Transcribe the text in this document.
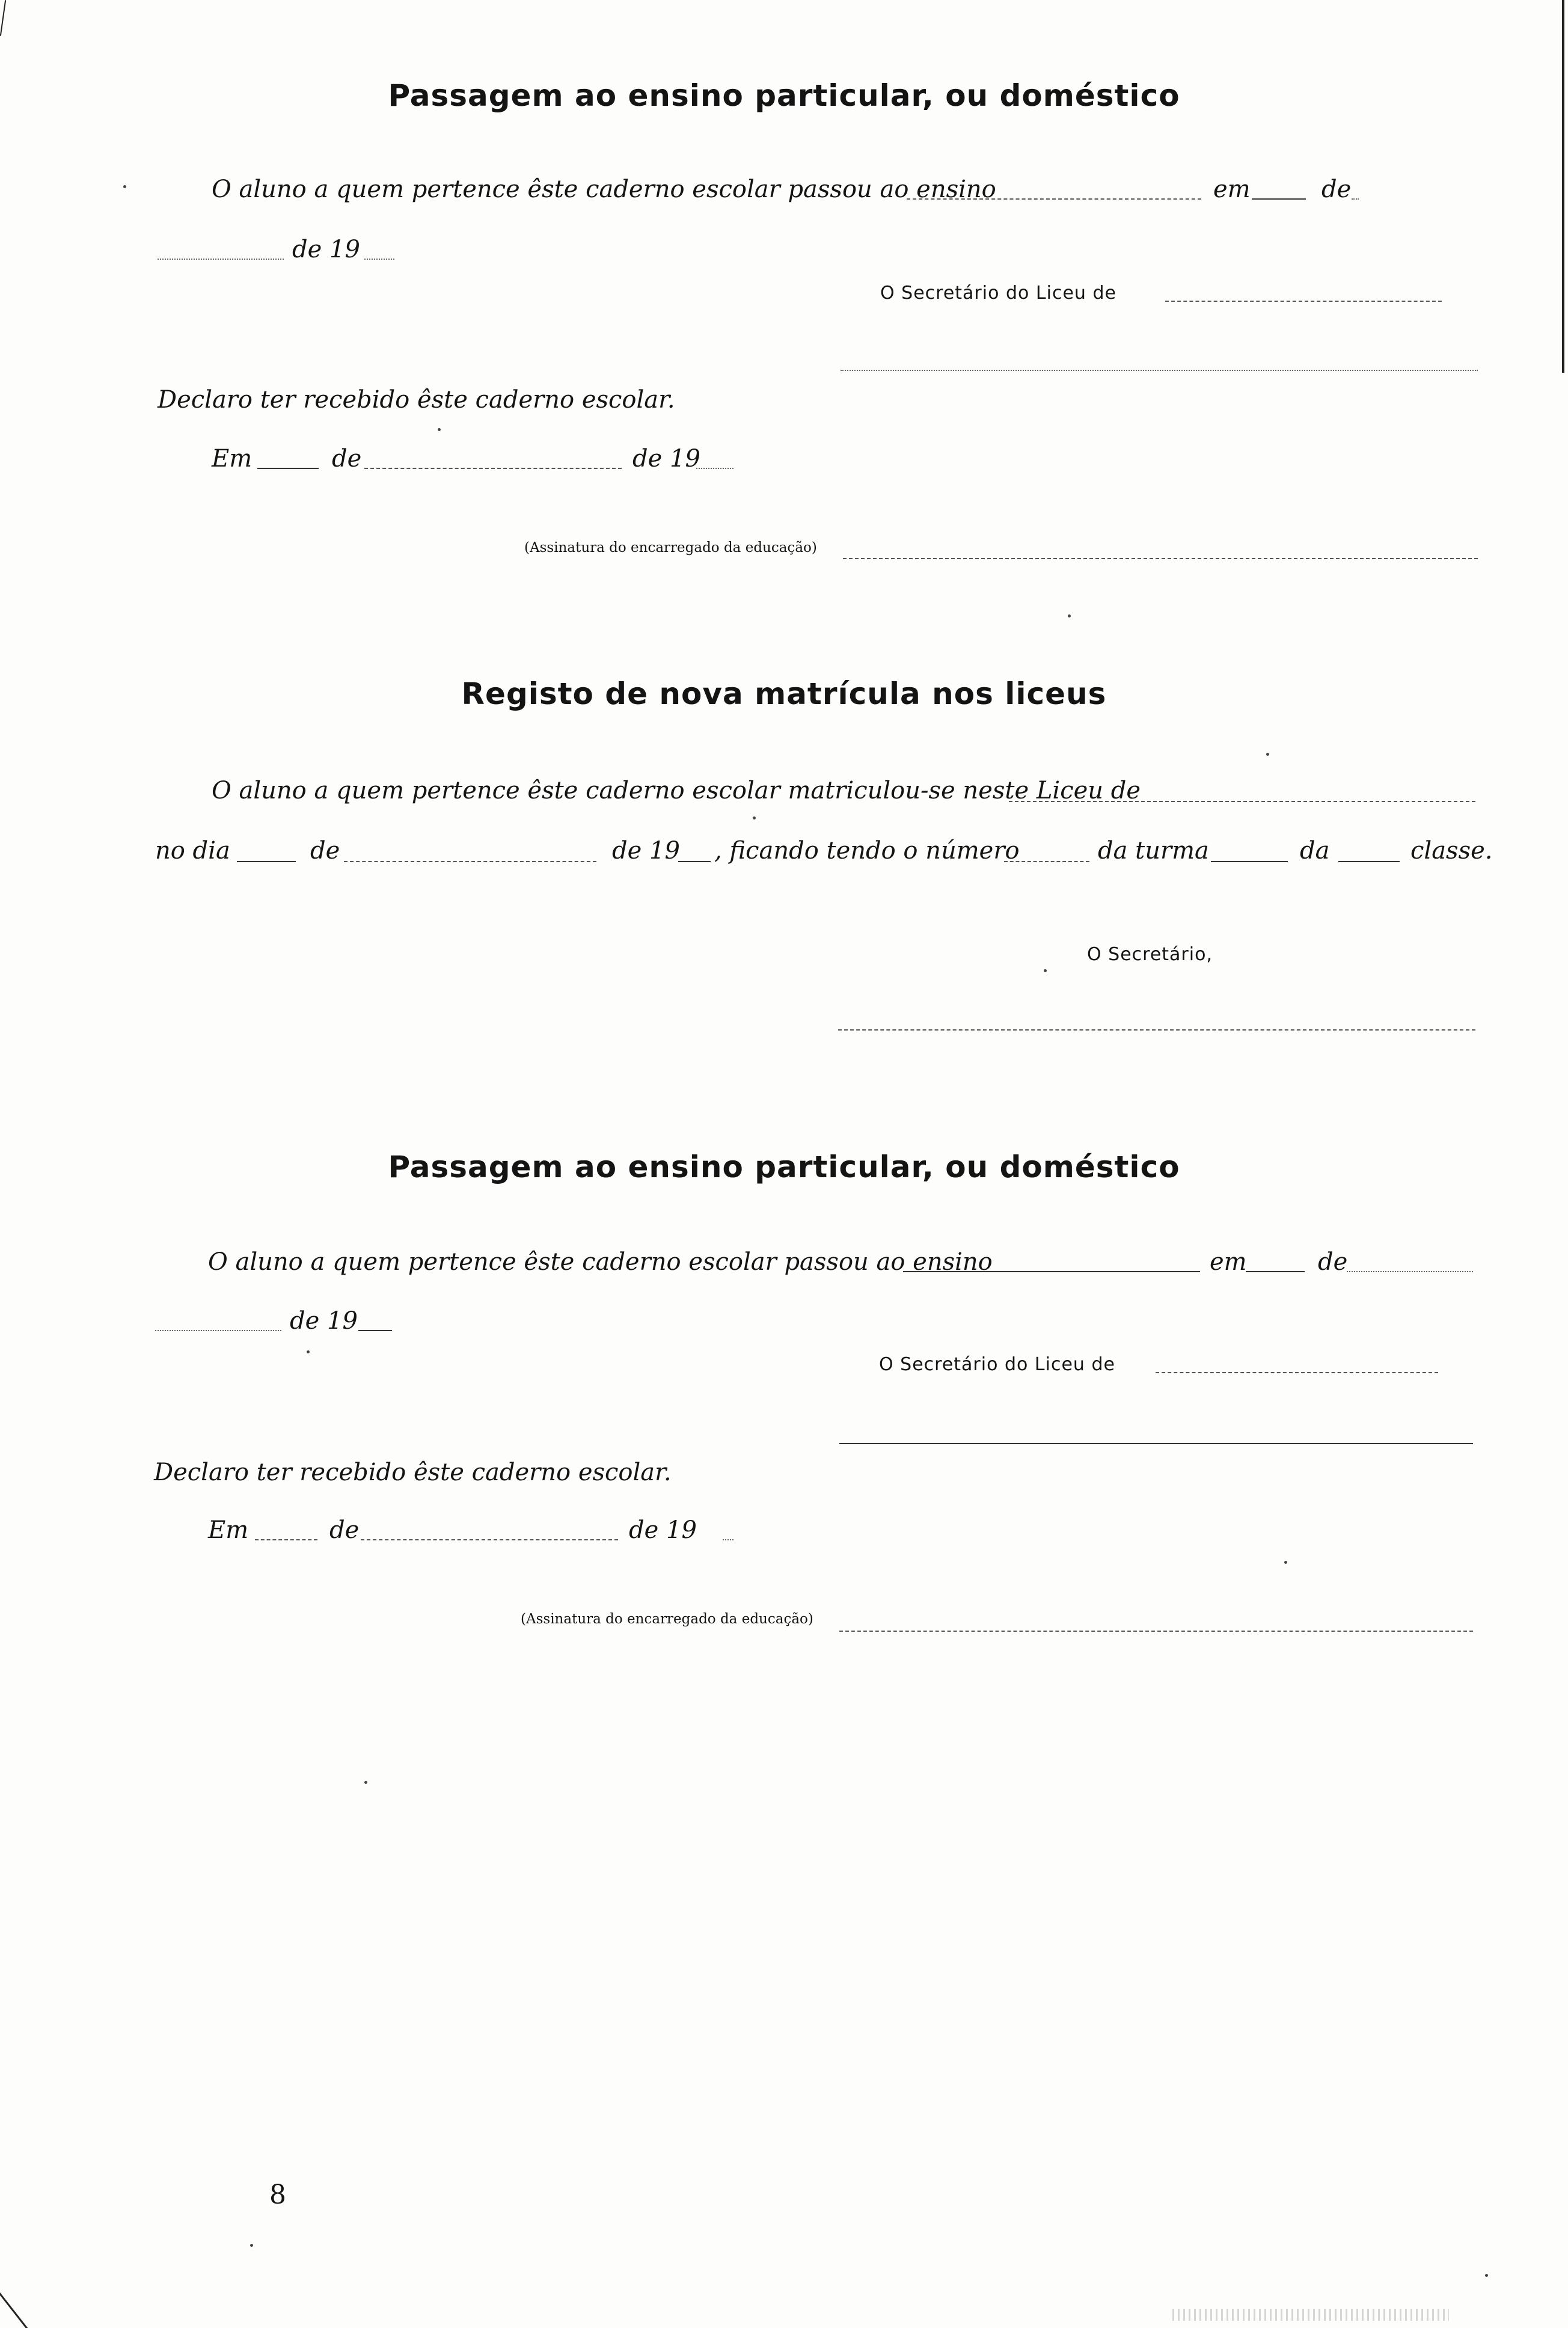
Passagem ao ensino particular, ou doméstico
O aluno a quem pertence êste caderno escolar passou ao ensino	em	de
de 19
O Secretário do Liceu de
Declaro ter recebido êste caderno escolar.
Em	de	de 19
(Assinatura do encarregado da educação)
Registo de nova matrícula nos liceus
O aluno a quem pertence êste caderno escolar matriculou-se neste Liceu de
no dia	de	de 19 , ficando tendo o número	da turma	da	classe.
O Secretário,
Passagem ao ensino particular, ou doméstico
O aluno a quem pertence êste caderno escolar passou ao ensino	em	de
de 19
O Secretário do Liceu de
Declaro ter recebido êste caderno escolar.
Em	de	de 19
(Assinatura do encarregado da educação)
8
